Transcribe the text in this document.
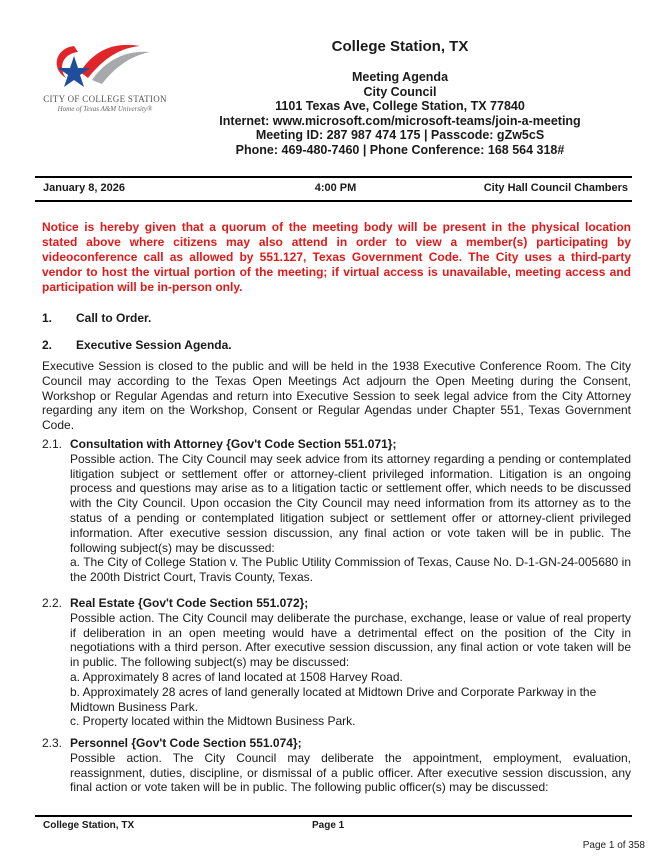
CITY OF COLLEGE STATION
Home of Texas A&M University®
College Station, TX
Meeting Agenda
City Council
1101 Texas Ave, College Station, TX 77840
Internet: www.microsoft.com/microsoft-teams/join-a-meeting
Meeting ID: 287 987 474 175 | Passcode: gZw5cS
Phone: 469-480-7460 | Phone Conference: 168 564 318#
January 8, 2026	4:00 PM	City Hall Council Chambers
Notice is hereby given that a quorum of the meeting body will be present in the physical location stated above where citizens may also attend in order to view a member(s) participating by videoconference call as allowed by 551.127, Texas Government Code. The City uses a third-party vendor to host the virtual portion of the meeting; if virtual access is unavailable, meeting access and participation will be in-person only.
1. Call to Order.
2. Executive Session Agenda.
Executive Session is closed to the public and will be held in the 1938 Executive Conference Room. The City Council may according to the Texas Open Meetings Act adjourn the Open Meeting during the Consent, Workshop or Regular Agendas and return into Executive Session to seek legal advice from the City Attorney regarding any item on the Workshop, Consent or Regular Agendas under Chapter 551, Texas Government Code.
2.1. Consultation with Attorney {Gov't Code Section 551.071};
Possible action. The City Council may seek advice from its attorney regarding a pending or contemplated litigation subject or settlement offer or attorney-client privileged information. Litigation is an ongoing process and questions may arise as to a litigation tactic or settlement offer, which needs to be discussed with the City Council. Upon occasion the City Council may need information from its attorney as to the status of a pending or contemplated litigation subject or settlement offer or attorney-client privileged information. After executive session discussion, any final action or vote taken will be in public. The following subject(s) may be discussed:
a. The City of College Station v. The Public Utility Commission of Texas, Cause No. D-1-GN-24-005680 in the 200th District Court, Travis County, Texas.
2.2. Real Estate {Gov't Code Section 551.072};
Possible action. The City Council may deliberate the purchase, exchange, lease or value of real property if deliberation in an open meeting would have a detrimental effect on the position of the City in negotiations with a third person. After executive session discussion, any final action or vote taken will be in public. The following subject(s) may be discussed:
a. Approximately 8 acres of land located at 1508 Harvey Road.
b. Approximately 28 acres of land generally located at Midtown Drive and Corporate Parkway in the Midtown Business Park.
c. Property located within the Midtown Business Park.
2.3. Personnel {Gov't Code Section 551.074};
Possible action. The City Council may deliberate the appointment, employment, evaluation, reassignment, duties, discipline, or dismissal of a public officer. After executive session discussion, any final action or vote taken will be in public. The following public officer(s) may be discussed:
College Station, TX	Page 1
Page 1 of 358
